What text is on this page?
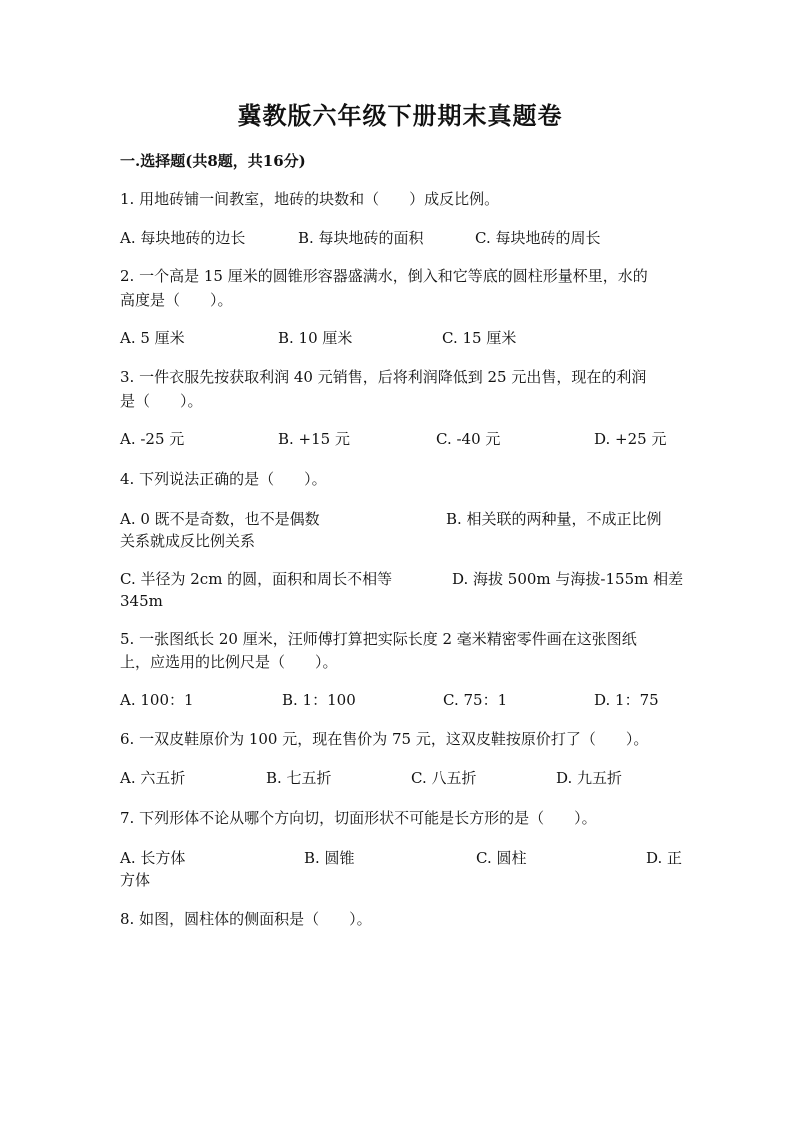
冀教版六年级下册期末真题卷
一.选择题(共8题，共16分)
1. 用地砖铺一间教室，地砖的块数和（　　）成反比例。
A. 每块地砖的边长	B. 每块地砖的面积	C. 每块地砖的周长
2. 一个高是 15 厘米的圆锥形容器盛满水，倒入和它等底的圆柱形量杯里，水的
高度是（　　）。
A. 5 厘米	B. 10 厘米	C. 15 厘米
3. 一件衣服先按获取利润 40 元销售，后将利润降低到 25 元出售，现在的利润
是（　　）。
A. -25 元	B. +15 元	C. -40 元	D. +25 元
4. 下列说法正确的是（　　）。
A. 0 既不是奇数，也不是偶数	B. 相关联的两种量，不成正比例
关系就成反比例关系
C. 半径为 2cm 的圆，面积和周长不相等	D. 海拔 500m 与海拔-155m 相差
345m
5. 一张图纸长 20 厘米，汪师傅打算把实际长度 2 毫米精密零件画在这张图纸
上，应选用的比例尺是（　　）。
A. 100：1	B. 1：100	C. 75：1	D. 1：75
6. 一双皮鞋原价为 100 元，现在售价为 75 元，这双皮鞋按原价打了（　　）。
A. 六五折	B. 七五折	C. 八五折	D. 九五折
7. 下列形体不论从哪个方向切，切面形状不可能是长方形的是（　　）。
A. 长方体	B. 圆锥	C. 圆柱	D. 正
方体
8. 如图，圆柱体的侧面积是（　　）。
